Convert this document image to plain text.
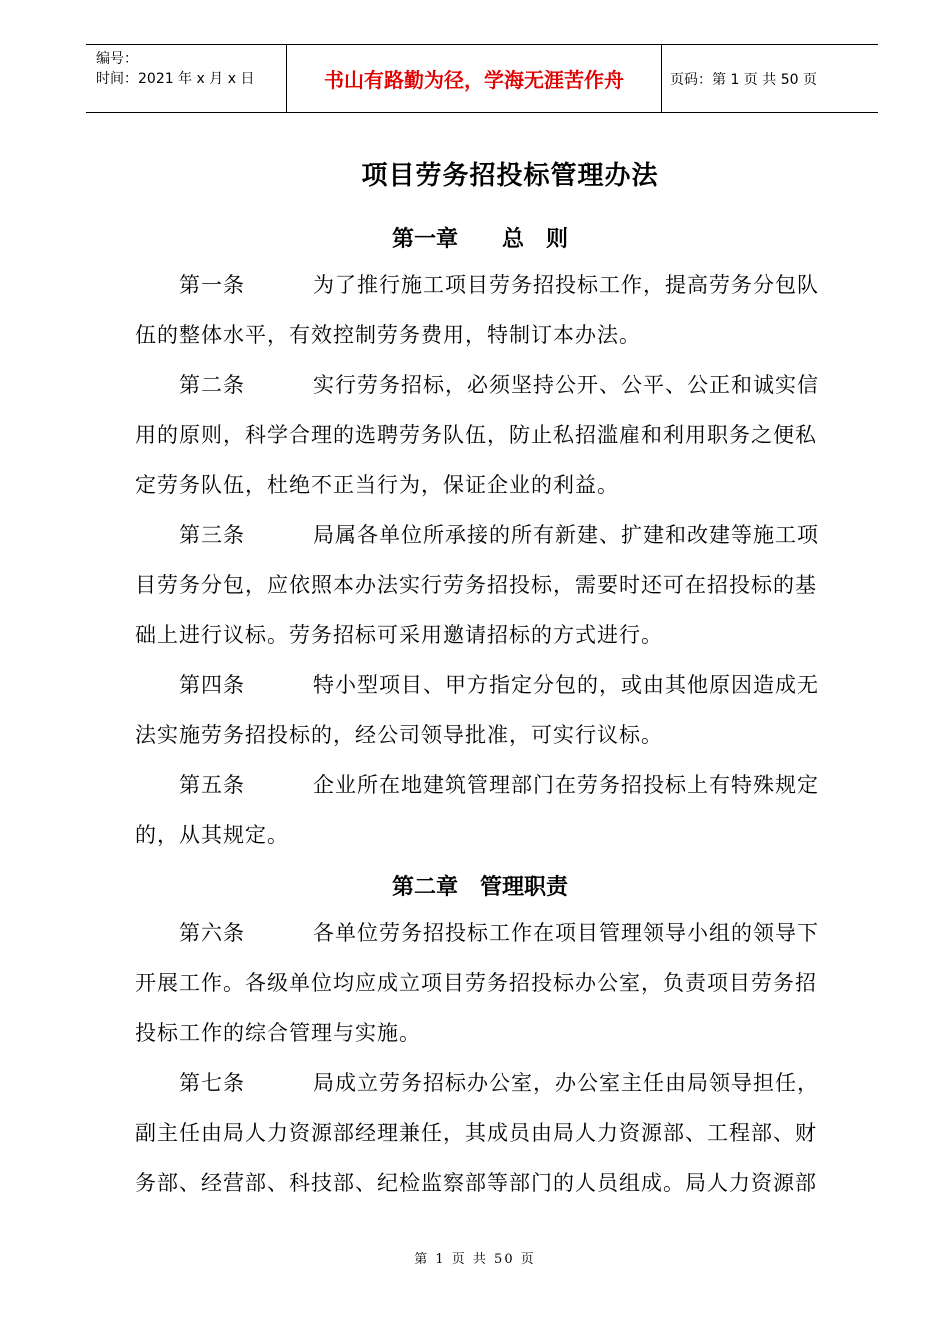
编号：
时间：2021 年 x 月 x 日	书山有路勤为径，学海无涯苦作舟	页码：第 1 页 共 50 页
项目劳务招投标管理办法
第一章　　总　则

第一条	为了推行施工项目劳务招投标工作，提高劳务分包队伍的整体水平，有效控制劳务费用，特制订本办法。

第二条	实行劳务招标，必须坚持公开、公平、公正和诚实信用的原则，科学合理的选聘劳务队伍，防止私招滥雇和利用职务之便私定劳务队伍，杜绝不正当行为，保证企业的利益。

第三条	局属各单位所承接的所有新建、扩建和改建等施工项目劳务分包，应依照本办法实行劳务招投标，需要时还可在招投标的基础上进行议标。劳务招标可采用邀请招标的方式进行。

第四条	特小型项目、甲方指定分包的，或由其他原因造成无法实施劳务招投标的，经公司领导批准，可实行议标。

第五条	企业所在地建筑管理部门在劳务招投标上有特殊规定的，从其规定。

第二章　管理职责

第六条	各单位劳务招投标工作在项目管理领导小组的领导下开展工作。各级单位均应成立项目劳务招投标办公室，负责项目劳务招投标工作的综合管理与实施。

第七条	局成立劳务招标办公室，办公室主任由局领导担任，副主任由局人力资源部经理兼任，其成员由局人力资源部、工程部、财务部、经营部、科技部、纪检监察部等部门的人员组成。局人力资源部

第 1 页 共 50 页
